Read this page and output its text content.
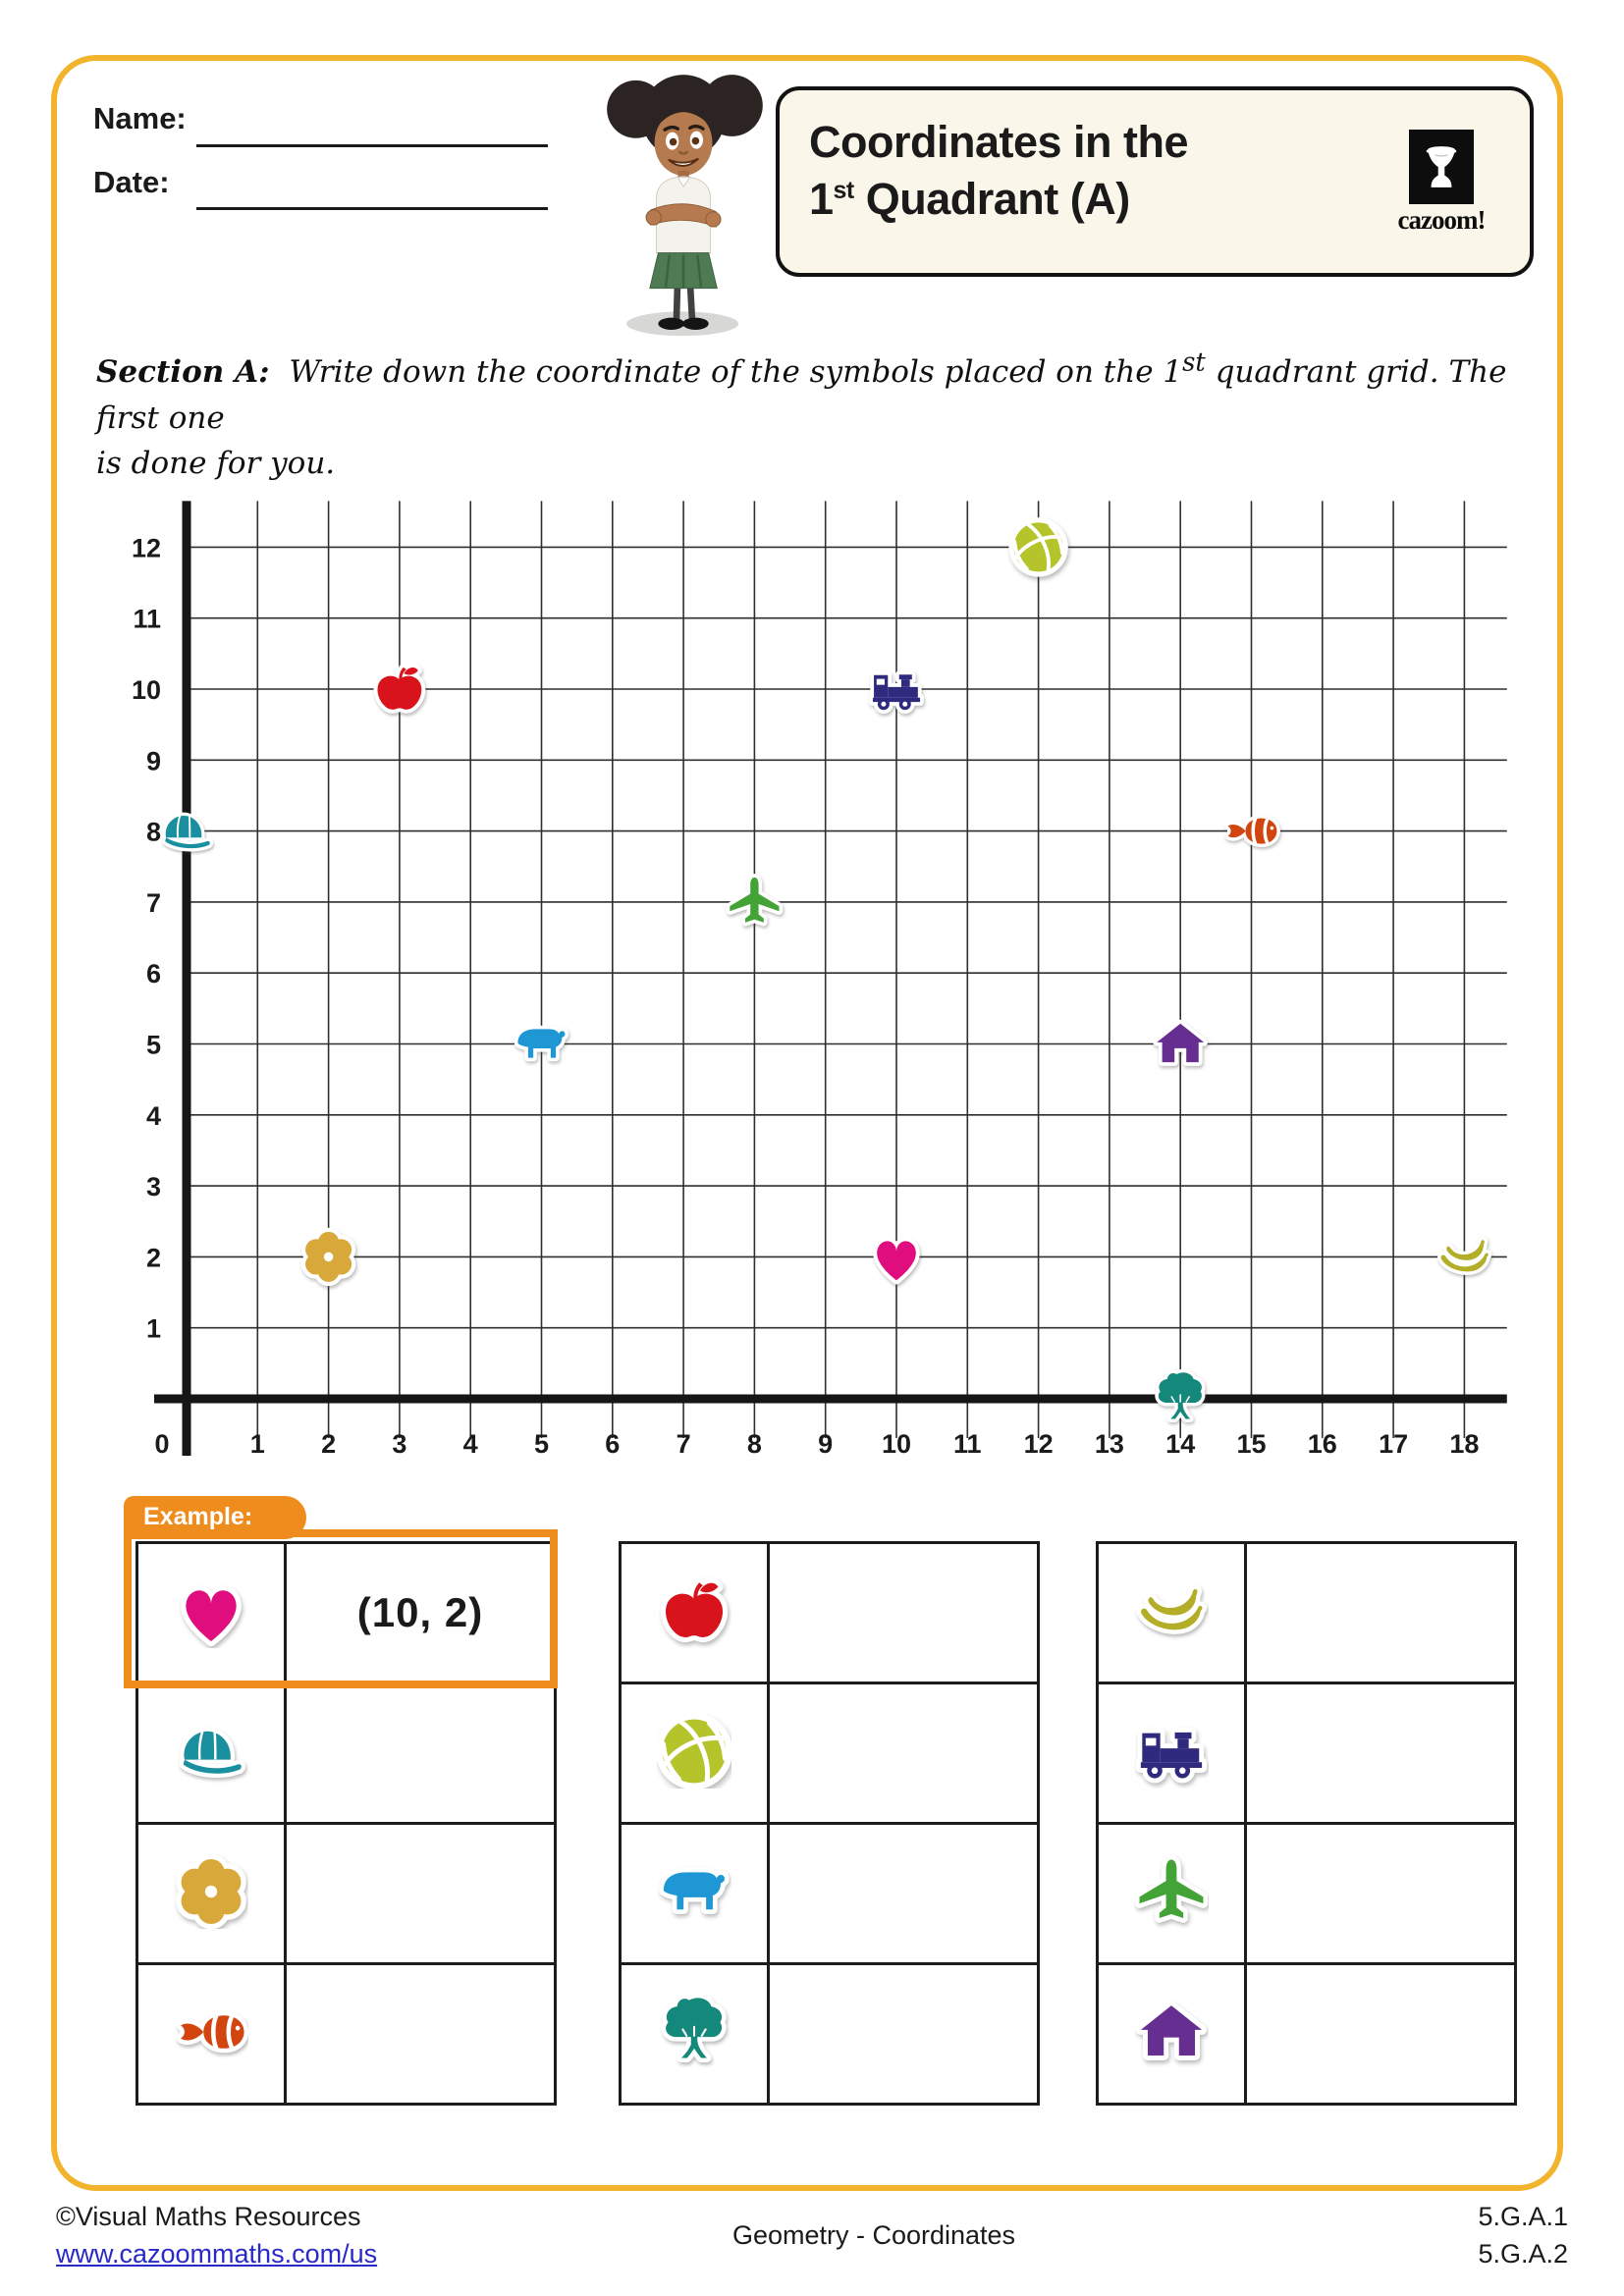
Name:
Date:
Coordinates in the
1st Quadrant (A)	cazoom!
Section A: Write down the coordinate of the symbols placed on the 1st quadrant grid. The first one
is done for you.
0	1 2 3 4 5 6 7 8 9 10 11 12 13 14 15 16 17 18
1
2
3
4
5
6
7
8
9
10
11
12
Example:
	(10, 2)

©Visual Maths Resources
www.cazoommaths.com/us
Geometry - Coordinates
5.G.A.1
5.G.A.2
